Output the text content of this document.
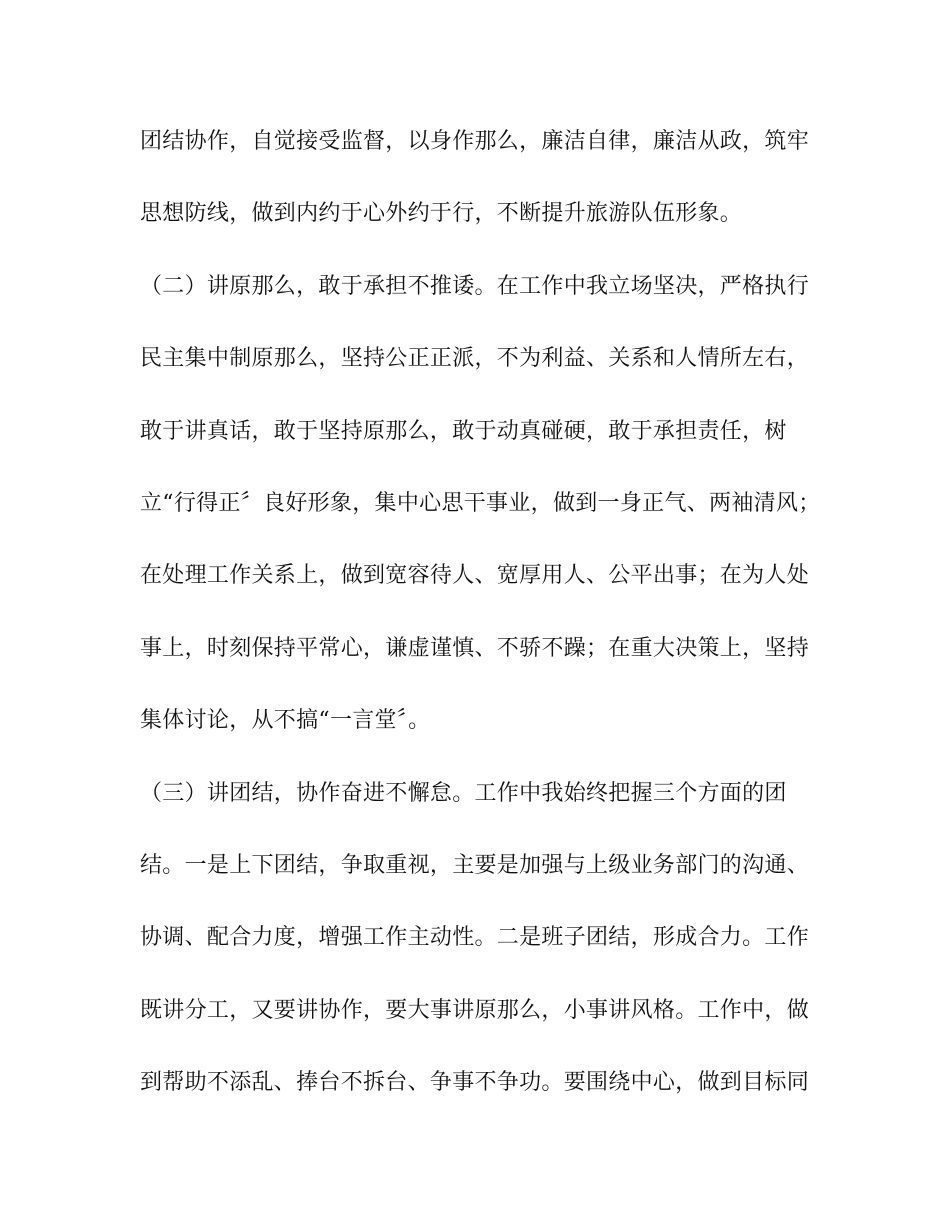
团结协作，自觉接受监督，以身作那么，廉洁自律，廉洁从政，筑牢
思想防线，做到内约于心外约于行，不断提升旅游队伍形象。
（二）讲原那么，敢于承担不推诿。在工作中我立场坚决，严格执行
民主集中制原那么，坚持公正正派，不为利益、关系和人情所左右，
敢于讲真话，敢于坚持原那么，敢于动真碰硬，敢于承担责任，树
立“行得正〞良好形象，集中心思干事业，做到一身正气、两袖清风；
在处理工作关系上，做到宽容待人、宽厚用人、公平出事；在为人处
事上，时刻保持平常心，谦虚谨慎、不骄不躁；在重大决策上，坚持
集体讨论，从不搞“一言堂〞。
（三）讲团结，协作奋进不懈怠。工作中我始终把握三个方面的团
结。一是上下团结，争取重视，主要是加强与上级业务部门的沟通、
协调、配合力度，增强工作主动性。二是班子团结，形成合力。工作
既讲分工，又要讲协作，要大事讲原那么，小事讲风格。工作中，做
到帮助不添乱、捧台不拆台、争事不争功。要围绕中心，做到目标同
